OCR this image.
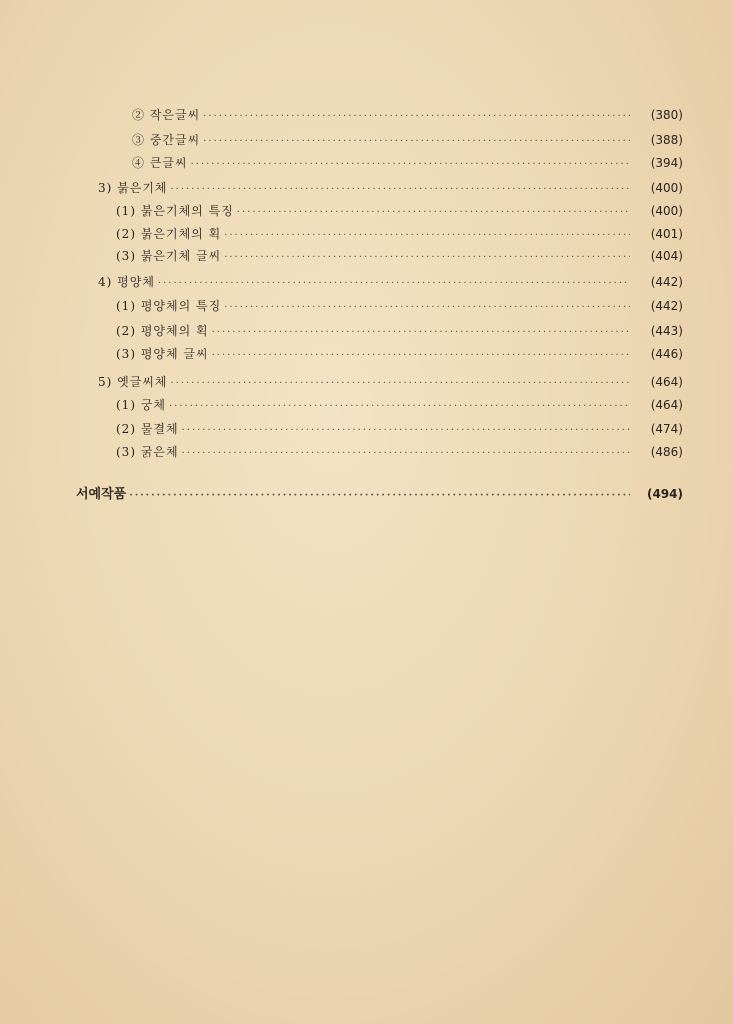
② 작은글씨 ·····	(380)
③ 중간글씨 ·····	(388)
④ 큰글씨 ·····	(394)
3) 붉은기체 ·····	(400)
(1) 붉은기체의 특징 ·····	(400)
(2) 붉은기체의 획 ·····	(401)
(3) 붉은기체 글씨 ·····	(404)
4) 평양체 ·····	(442)
(1) 평양체의 특징 ·····	(442)
(2) 평양체의 획 ·····	(443)
(3) 평양체 글씨 ·····	(446)
5) 옛글씨체 ·····	(464)
(1) 궁체 ·····	(464)
(2) 물결체 ·····	(474)
(3) 굵은체 ·····	(486)
서예작품 ·····	(494)
